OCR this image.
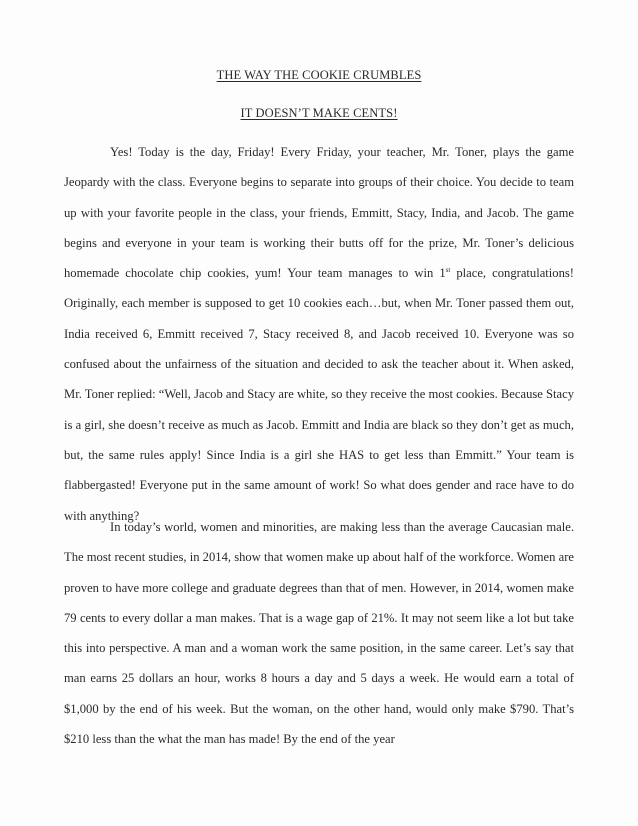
THE WAY THE COOKIE CRUMBLES
IT DOESN’T MAKE CENTS!

Yes! Today is the day, Friday! Every Friday, your teacher, Mr. Toner, plays the game Jeopardy with the class. Everyone begins to separate into groups of their choice. You decide to team up with your favorite people in the class, your friends, Emmitt, Stacy, India, and Jacob. The game begins and everyone in your team is working their butts off for the prize, Mr. Toner’s delicious homemade chocolate chip cookies, yum! Your team manages to win 1st place, congratulations! Originally, each member is supposed to get 10 cookies each…but, when Mr. Toner passed them out, India received 6, Emmitt received 7, Stacy received 8, and Jacob received 10. Everyone was so confused about the unfairness of the situation and decided to ask the teacher about it. When asked, Mr. Toner replied: “Well, Jacob and Stacy are white, so they receive the most cookies. Because Stacy is a girl, she doesn’t receive as much as Jacob. Emmitt and India are black so they don’t get as much, but, the same rules apply! Since India is a girl she HAS to get less than Emmitt.” Your team is flabbergasted! Everyone put in the same amount of work! So what does gender and race have to do with anything?

In today’s world, women and minorities, are making less than the average Caucasian male. The most recent studies, in 2014, show that women make up about half of the workforce. Women are proven to have more college and graduate degrees than that of men. However, in 2014, women make 79 cents to every dollar a man makes. That is a wage gap of 21%. It may not seem like a lot but take this into perspective. A man and a woman work the same position, in the same career. Let’s say that man earns 25 dollars an hour, works 8 hours a day and 5 days a week. He would earn a total of $1,000 by the end of his week. But the woman, on the other hand, would only make $790. That’s $210 less than the what the man has made! By the end of the year
